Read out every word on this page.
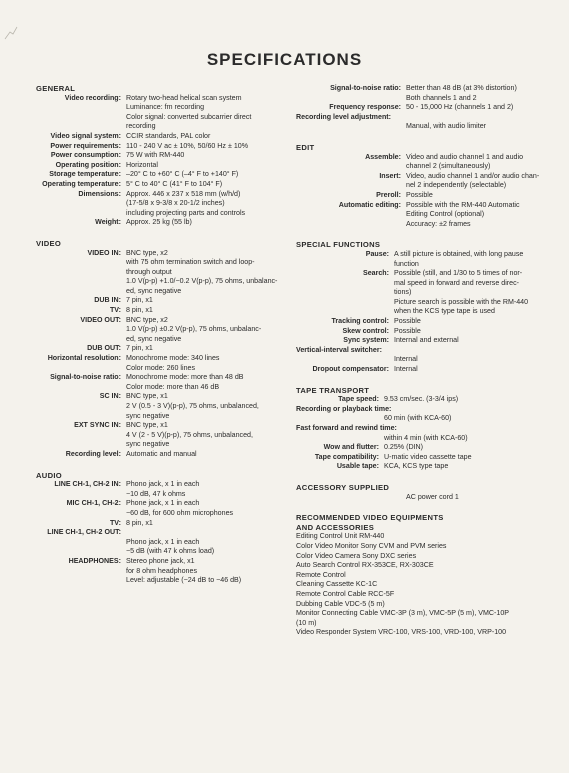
SPECIFICATIONS
GENERAL
Video recording: Rotary two-head helical scan system
Luminance: fm recording
Color signal: converted subcarrier direct
recording
Video signal system: CCIR standards, PAL color
Power requirements: 110 - 240 V ac ± 10%, 50/60 Hz ± 10%
Power consumption: 75 W with RM-440
Operating position: Horizontal
Storage temperature: –20° C to +60° C (–4° F to +140° F)
Operating temperature: 5° C to 40° C (41° F to 104° F)
Dimensions: Approx. 446 x 237 x 518 mm (w/h/d)
(17-5/8 x 9-3/8 x 20-1/2 inches)
including projecting parts and controls
Weight: Approx. 25 kg (55 lb)
VIDEO
VIDEO IN: BNC type, x2
with 75 ohm termination switch and loop-
through output
1.0 V(p-p) +1.0/−0.2 V(p-p), 75 ohms, unbalanc-
ed, sync negative
DUB IN: 7 pin, x1
TV: 8 pin, x1
VIDEO OUT: BNC type, x2
1.0 V(p-p) ±0.2 V(p-p), 75 ohms, unbalanc-
ed, sync negative
DUB OUT: 7 pin, x1
Horizontal resolution: Monochrome mode: 340 lines
Color mode: 260 lines
Signal-to-noise ratio: Monochrome mode: more than 48 dB
Color mode: more than 46 dB
SC IN: BNC type, x1
2 V (0.5 - 3 V)(p-p), 75 ohms, unbalanced,
sync negative
EXT SYNC IN: BNC type, x1
4 V (2 - 5 V)(p-p), 75 ohms, unbalanced,
sync negative
Recording level: Automatic and manual
AUDIO
LINE CH-1, CH-2 IN: Phono jack, x 1 in each
−10 dB, 47 k ohms
MIC CH-1, CH-2: Phone jack, x 1 in each
−60 dB, for 600 ohm microphones
TV: 8 pin, x1
LINE CH-1, CH-2 OUT:

Phono jack, x 1 in each
−5 dB (with 47 k ohms load)
HEADPHONES: Stereo phone jack, x1
for 8 ohm headphones
Level: adjustable (−24 dB to −46 dB)
Signal-to-noise ratio: Better than 48 dB (at 3% distortion)
Both channels 1 and 2
Frequency response: 50 - 15,000 Hz (channels 1 and 2)
Recording level adjustment:
Manual, with audio limiter
EDIT
Assemble: Video and audio channel 1 and audio
channel 2 (simultaneously)
Insert: Video, audio channel 1 and/or audio chan-
nel 2 independently (selectable)
Preroll: Possible
Automatic editing: Possible with the RM-440 Automatic
Editing Control (optional)
Accuracy: ±2 frames
SPECIAL FUNCTIONS
Pause: A still picture is obtained, with long pause
function
Search: Possible (still, and 1/30 to 5 times of nor-
mal speed in forward and reverse direc-
tions)
Picture search is possible with the RM-440
when the KCS type tape is used
Tracking control: Possible
Skew control: Possible
Sync system: Internal and external
Vertical-interval switcher:
Internal
Dropout compensator: Internal
TAPE TRANSPORT
Tape speed: 9.53 cm/sec. (3-3/4 ips)
Recording or playback time:
60 min (with KCA-60)
Fast forward and rewind time:
within 4 min (with KCA-60)
Wow and flutter: 0.25% (DIN)
Tape compatibility: U-matic video cassette tape
Usable tape: KCA, KCS type tape
ACCESSORY SUPPLIED
AC power cord 1
RECOMMENDED VIDEO EQUIPMENTS
AND ACCESSORIES
Editing Control Unit RM-440
Color Video Monitor Sony CVM and PVM series
Color Video Camera Sony DXC series
Auto Search Control RX-353CE, RX-303CE
Remote Control
Cleaning Cassette KC-1C
Remote Control Cable RCC-5F
Dubbing Cable VDC-5 (5 m)
Monitor Connecting Cable VMC-3P (3 m), VMC-5P (5 m), VMC-10P
(10 m)
Video Responder System VRC-100, VRS-100, VRD-100, VRP-100
